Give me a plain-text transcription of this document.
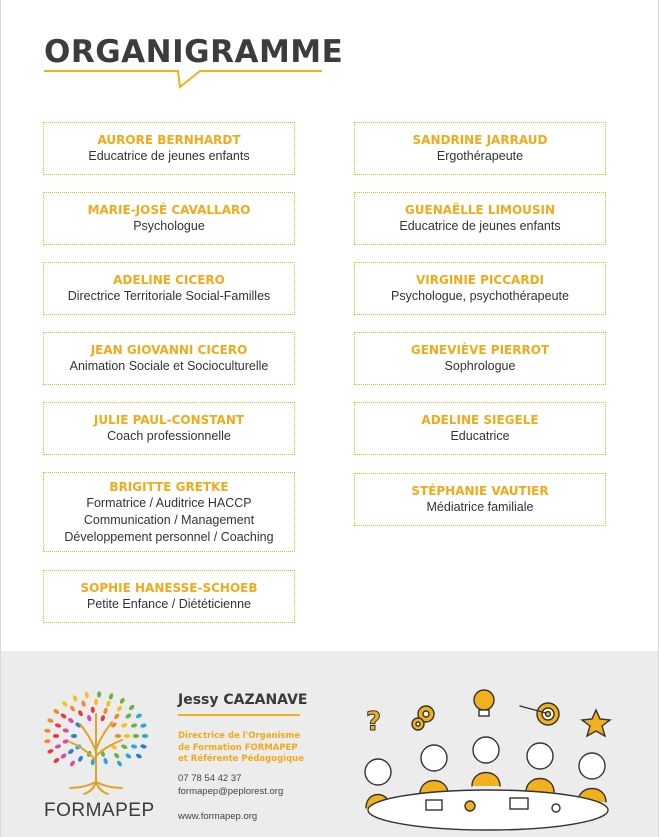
ORGANIGRAMME
AURORE BERNHARDT
Educatrice de jeunes enfants
MARIE-JOSÉ CAVALLARO
Psychologue
ADELINE CICERO
Directrice Territoriale Social-Familles
JEAN GIOVANNI CICERO
Animation Sociale et Socioculturelle
JULIE PAUL-CONSTANT
Coach professionnelle
BRIGITTE GRETKE
Formatrice / Auditrice HACCP
Communication / Management
Développement personnel / Coaching
SOPHIE HANESSE-SCHOEB
Petite Enfance / Diététicienne
SANDRINE JARRAUD
Ergothérapeute
GUENAËLLE LIMOUSIN
Educatrice de jeunes enfants
VIRGINIE PICCARDI
Psychologue, psychothérapeute
GENEVIÈVE PIERROT
Sophrologue
ADELINE SIEGELE
Educatrice
STÉPHANIE VAUTIER
Médiatrice familiale
FORMAPEP
Jessy CAZANAVE
Directrice de l'Organisme
de Formation FORMAPEP
et Référente Pédagogique
07 78 54 42 37
formapep@peplorest.org
www.formapep.org
?
